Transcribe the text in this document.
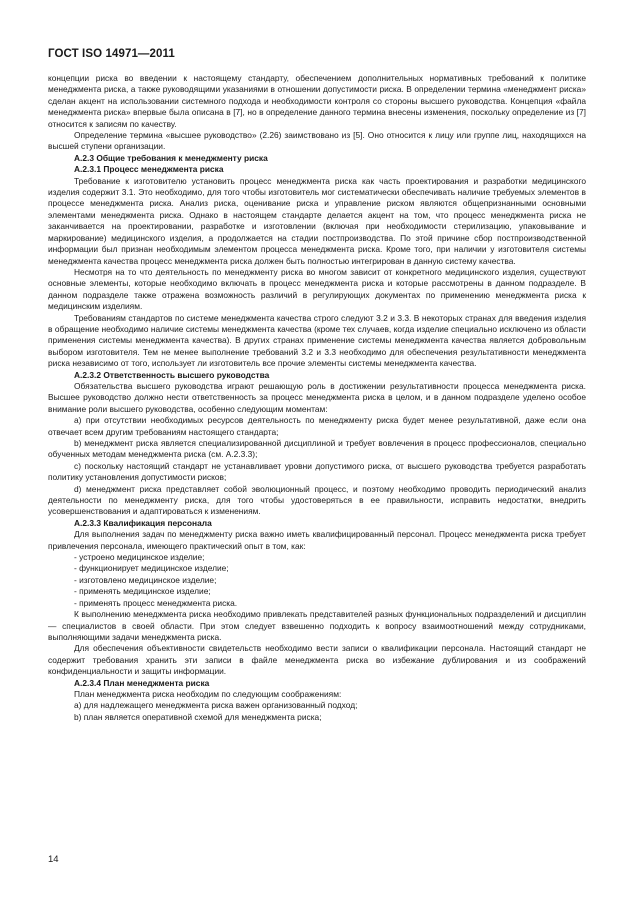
ГОСТ ISO 14971—2011

концепции риска во введении к настоящему стандарту, обеспечением дополнительных нормативных требований к политике менеджмента риска, а также руководящими указаниями в отношении допустимости риска. В определении термина «менеджмент риска» сделан акцент на использовании системного подхода и необходимости контроля со стороны высшего руководства. Концепция «файла менеджмента риска» впервые была описана в [7], но в определение данного термина внесены изменения, поскольку определение из [7] относится к записям по качеству.

Определение термина «высшее руководство» (2.26) заимствовано из [5]. Оно относится к лицу или группе лиц, находящихся на высшей ступени организации.

А.2.3 Общие требования к менеджменту риска

А.2.3.1 Процесс менеджмента риска

Требование к изготовителю установить процесс менеджмента риска как часть проектирования и разработки медицинского изделия содержит 3.1. Это необходимо, для того чтобы изготовитель мог систематически обеспечивать наличие требуемых элементов в процессе менеджмента риска. Анализ риска, оценивание риска и управление риском являются общепризнанными основными элементами менеджмента риска. Однако в настоящем стандарте делается акцент на том, что процесс менеджмента риска не заканчивается на проектировании, разработке и изготовлении (включая при необходимости стерилизацию, упаковывание и маркирование) медицинского изделия, а продолжается на стадии постпроизводства. По этой причине сбор постпроизводственной информации был признан необходимым элементом процесса менеджмента риска. Кроме того, при наличии у изготовителя системы менеджмента качества процесс менеджмента риска должен быть полностью интегрирован в данную систему качества.

Несмотря на то что деятельность по менеджменту риска во многом зависит от конкретного медицинского изделия, существуют основные элементы, которые необходимо включать в процесс менеджмента риска и которые рассмотрены в данном подразделе. В данном подразделе также отражена возможность различий в регулирующих документах по применению менеджмента риска к медицинским изделиям.

Требованиям стандартов по системе менеджмента качества строго следуют 3.2 и 3.3. В некоторых странах для введения изделия в обращение необходимо наличие системы менеджмента качества (кроме тех случаев, когда изделие специально исключено из области применения системы менеджмента качества). В других странах применение системы менеджмента качества является добровольным выбором изготовителя. Тем не менее выполнение требований 3.2 и 3.3 необходимо для обеспечения результативности менеджмента риска независимо от того, использует ли изготовитель все прочие элементы системы менеджмента качества.

А.2.3.2 Ответственность высшего руководства

Обязательства высшего руководства играют решающую роль в достижении результативности процесса менеджмента риска. Высшее руководство должно нести ответственность за процесс менеджмента риска в целом, и в данном подразделе уделено особое внимание роли высшего руководства, особенно следующим моментам:

а) при отсутствии необходимых ресурсов деятельность по менеджменту риска будет менее результативной, даже если она отвечает всем другим требованиям настоящего стандарта;

b) менеджмент риска является специализированной дисциплиной и требует вовлечения в процесс профессионалов, специально обученных методам менеджмента риска (см. А.2.3.3);

c) поскольку настоящий стандарт не устанавливает уровни допустимого риска, от высшего руководства требуется разработать политику установления допустимости рисков;

d) менеджмент риска представляет собой эволюционный процесс, и поэтому необходимо проводить периодический анализ деятельности по менеджменту риска, для того чтобы удостоверяться в ее правильности, исправить недостатки, внедрить усовершенствования и адаптироваться к изменениям.

А.2.3.3 Квалификация персонала

Для выполнения задач по менеджменту риска важно иметь квалифицированный персонал. Процесс менеджмента риска требует привлечения персонала, имеющего практический опыт в том, как:

- устроено медицинское изделие;

- функционирует медицинское изделие;

- изготовлено медицинское изделие;

- применять медицинское изделие;

- применять процесс менеджмента риска.

К выполнению менеджмента риска необходимо привлекать представителей разных функциональных подразделений и дисциплин — специалистов в своей области. При этом следует взвешенно подходить к вопросу взаимоотношений между сотрудниками, выполняющими задачи менеджмента риска.

Для обеспечения объективности свидетельств необходимо вести записи о квалификации персонала. Настоящий стандарт не содержит требования хранить эти записи в файле менеджмента риска во избежание дублирования и из соображений конфиденциальности и защиты информации.

А.2.3.4 План менеджмента риска

План менеджмента риска необходим по следующим соображениям:

а) для надлежащего менеджмента риска важен организованный подход;

b) план является оперативной схемой для менеджмента риска;

14
